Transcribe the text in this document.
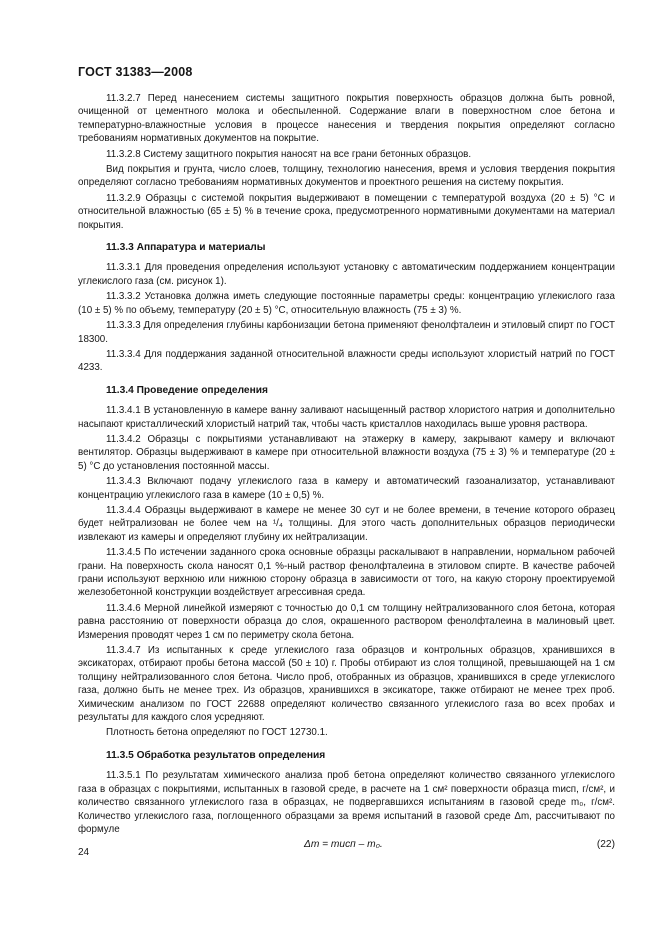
ГОСТ 31383—2008

11.3.2.7 Перед нанесением системы защитного покрытия поверхность образцов должна быть ровной, очищенной от цементного молока и обеспыленной. Содержание влаги в поверхностном слое бетона и температурно-влажностные условия в процессе нанесения и твердения покрытия определяют согласно требованиям нормативных документов на покрытие.

11.3.2.8 Систему защитного покрытия наносят на все грани бетонных образцов.

Вид покрытия и грунта, число слоев, толщину, технологию нанесения, время и условия твердения покрытия определяют согласно требованиям нормативных документов и проектного решения на систему покрытия.

11.3.2.9 Образцы с системой покрытия выдерживают в помещении с температурой воздуха (20 ± 5) °С и относительной влажностью (65 ± 5) % в течение срока, предусмотренного нормативными документами на материал покрытия.

11.3.3 Аппаратура и материалы

11.3.3.1 Для проведения определения используют установку с автоматическим поддержанием концентрации углекислого газа (см. рисунок 1).

11.3.3.2 Установка должна иметь следующие постоянные параметры среды: концентрацию углекислого газа (10 ± 5) % по объему, температуру (20 ± 5) °С, относительную влажность (75 ± 3) %.

11.3.3.3 Для определения глубины карбонизации бетона применяют фенолфталеин и этиловый спирт по ГОСТ 18300.

11.3.3.4 Для поддержания заданной относительной влажности среды используют хлористый натрий по ГОСТ 4233.

11.3.4 Проведение определения

11.3.4.1 В установленную в камере ванну заливают насыщенный раствор хлористого натрия и дополнительно насыпают кристаллический хлористый натрий так, чтобы часть кристаллов находилась выше уровня раствора.

11.3.4.2 Образцы с покрытиями устанавливают на этажерку в камеру, закрывают камеру и включают вентилятор. Образцы выдерживают в камере при относительной влажности воздуха (75 ± 3) % и температуре (20 ± 5) °С до установления постоянной массы.

11.3.4.3 Включают подачу углекислого газа в камеру и автоматический газоанализатор, устанавливают концентрацию углекислого газа в камере (10 ± 0,5) %.

11.3.4.4 Образцы выдерживают в камере не менее 30 сут и не более времени, в течение которого образец будет нейтрализован не более чем на ¹/₄ толщины. Для этого часть дополнительных образцов периодически извлекают из камеры и определяют глубину их нейтрализации.

11.3.4.5 По истечении заданного срока основные образцы раскалывают в направлении, нормальном рабочей грани. На поверхность скола наносят 0,1 %-ный раствор фенолфталеина в этиловом спирте. В качестве рабочей грани используют верхнюю или нижнюю сторону образца в зависимости от того, на какую сторону проектируемой железобетонной конструкции воздействует агрессивная среда.

11.3.4.6 Мерной линейкой измеряют с точностью до 0,1 см толщину нейтрализованного слоя бетона, которая равна расстоянию от поверхности образца до слоя, окрашенного раствором фенолфталеина в малиновый цвет. Измерения проводят через 1 см по периметру скола бетона.

11.3.4.7 Из испытанных к среде углекислого газа образцов и контрольных образцов, хранившихся в эксикаторах, отбирают пробы бетона массой (50 ± 10) г. Пробы отбирают из слоя толщиной, превышающей на 1 см толщину нейтрализованного слоя бетона. Число проб, отобранных из образцов, хранившихся в среде углекислого газа, должно быть не менее трех. Из образцов, хранившихся в эксикаторе, также отбирают не менее трех проб. Химическим анализом по ГОСТ 22688 определяют количество связанного углекислого газа во всех пробах и результаты для каждого слоя усредняют.

Плотность бетона определяют по ГОСТ 12730.1.

11.3.5 Обработка результатов определения

11.3.5.1 По результатам химического анализа проб бетона определяют количество связанного углекислого газа в образцах с покрытиями, испытанных в газовой среде, в расчете на 1 см² поверхности образца mисп, г/см², и количество связанного углекислого газа в образцах, не подвергавшихся испытаниям в газовой среде m₀, г/см². Количество углекислого газа, поглощенного образцами за время испытаний в газовой среде Δm, рассчитывают по формуле

Δm = mисп – m₀.	(22)
24
